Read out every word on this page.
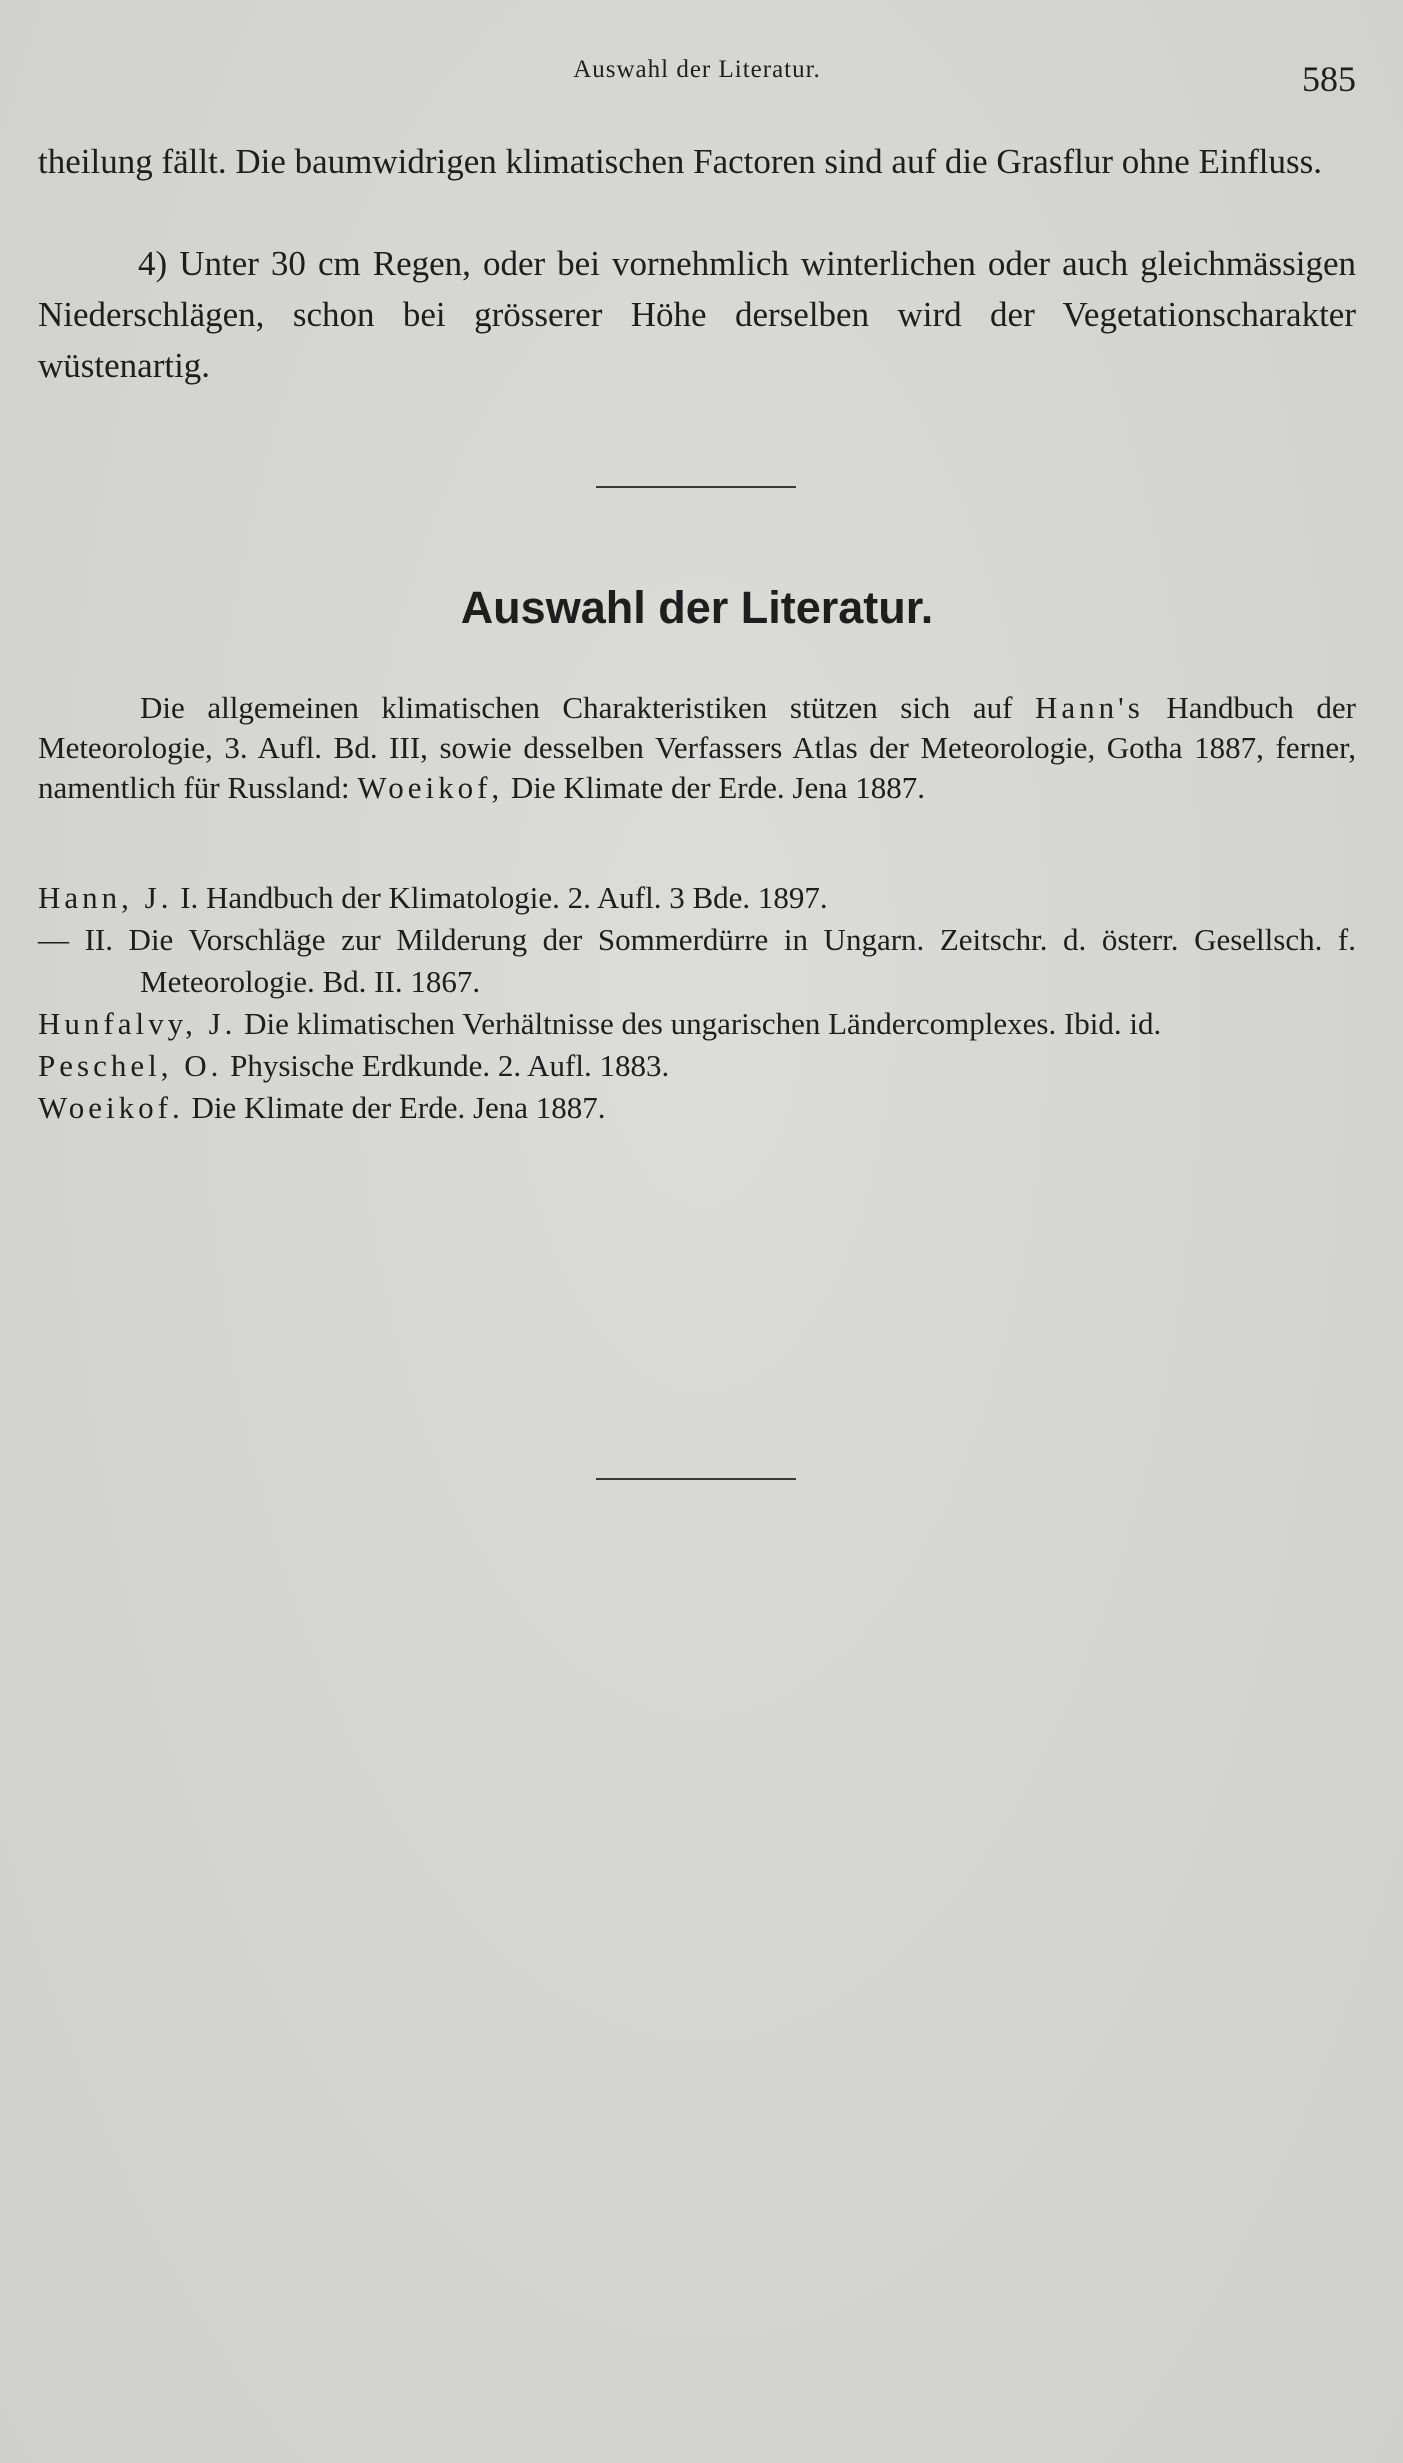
Auswahl der Literatur.	585

theilung fällt. Die baumwidrigen klimatischen Factoren sind auf die Grasflur ohne Einfluss.

4) Unter 30 cm Regen, oder bei vornehmlich winterlichen oder auch gleichmässigen Niederschlägen, schon bei grösserer Höhe derselben wird der Vegetationscharakter wüstenartig.

Auswahl der Literatur.

Die allgemeinen klimatischen Charakteristiken stützen sich auf Hann's Handbuch der Meteorologie, 3. Aufl. Bd. III, sowie desselben Verfassers Atlas der Meteorologie, Gotha 1887, ferner, namentlich für Russland: Woeikof, Die Klimate der Erde. Jena 1887.

Hann, J. I. Handbuch der Klimatologie. 2. Aufl. 3 Bde. 1897.
— II. Die Vorschläge zur Milderung der Sommerdürre in Ungarn. Zeitschr. d. österr. Gesellsch. f. Meteorologie. Bd. II. 1867.
Hunfalvy, J. Die klimatischen Verhältnisse des ungarischen Ländercomplexes. Ibid. id.
Peschel, O. Physische Erdkunde. 2. Aufl. 1883.
Woeikof. Die Klimate der Erde. Jena 1887.
